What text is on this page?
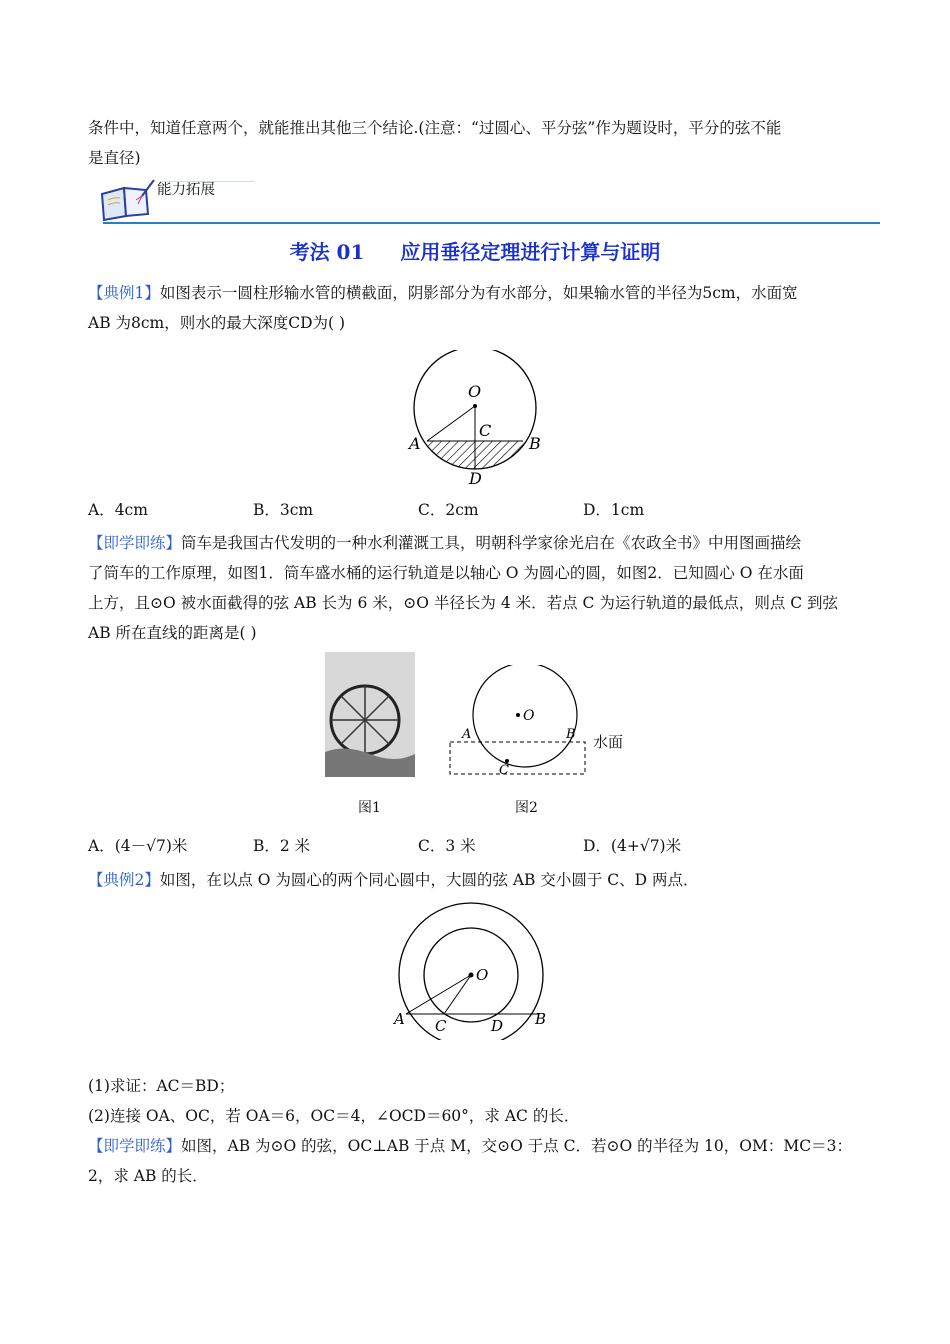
条件中，知道任意两个，就能推出其他三个结论.(注意：“过圆心、平分弦”作为题设时，平分的弦不能
是直径)
能力拓展
考法 01 应用垂径定理进行计算与证明
【典例1】如图表示一圆柱形输水管的横截面，阴影部分为有水部分，如果输水管的半径为5cm，水面宽
AB 为8cm，则水的最大深度CD为( )
O
A	B
C
D
A．4cm	B．3cm	C．2cm	D．1cm
【即学即练】筒车是我国古代发明的一种水利灌溉工具，明朝科学家徐光启在《农政全书》中用图画描绘
了筒车的工作原理，如图1．筒车盛水桶的运行轨道是以轴心 O 为圆心的圆，如图2．已知圆心 O 在水面
上方，且⊙O 被水面截得的弦 AB 长为 6 米，⊙O 半径长为 4 米．若点 C 为运行轨道的最低点，则点 C 到弦
AB 所在直线的距离是( )
图1
O
A	B
C
水面
图2
A．(4－√7)米	B．2 米	C．3 米	D．(4+√7)米
【典例2】如图，在以点 O 为圆心的两个同心圆中，大圆的弦 AB 交小圆于 C、D 两点．
O
A	B
C	D
(1)求证：AC＝BD；
(2)连接 OA、OC，若 OA＝6，OC＝4，∠OCD＝60°，求 AC 的长．
【即学即练】如图，AB 为⊙O 的弦，OC⊥AB 于点 M，交⊙O 于点 C．若⊙O 的半径为 10，OM：MC＝3：
2，求 AB 的长．
